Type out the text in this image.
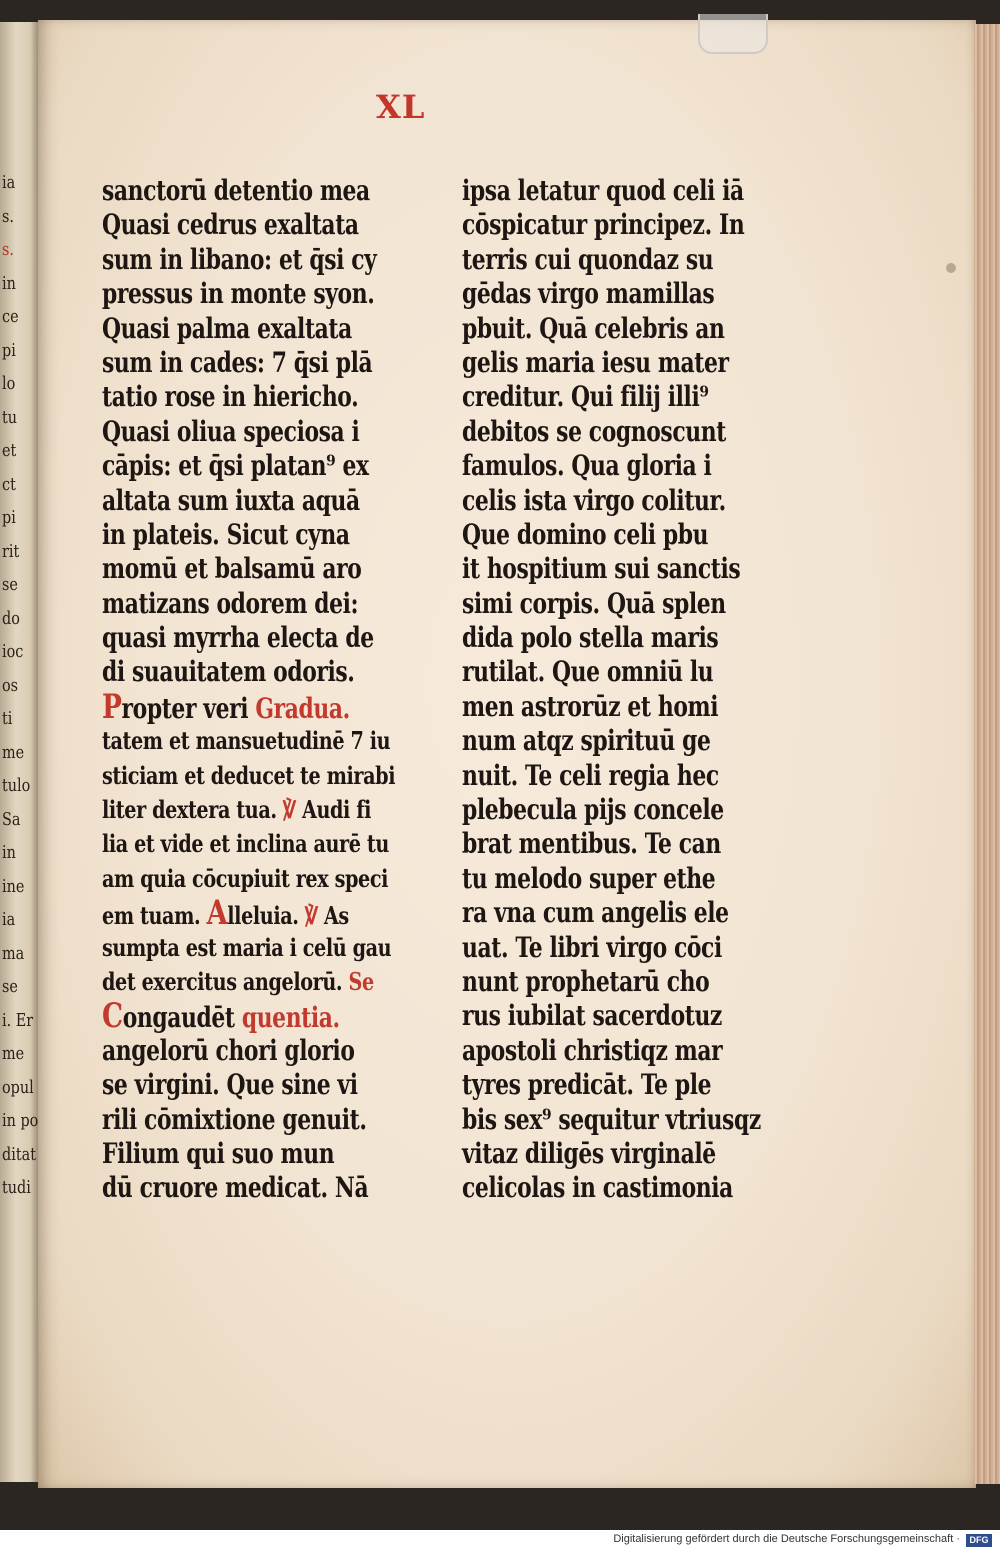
ia
s.
s.
in
ce
pi
lo
tu
et
ct
pi
rit
se
do
ioc
os
ti
me
tulo
Sa
in
ine
ia
ma
se
i. Er
me
opul
in po
ditat
tudi
XL
sanctorū detentio mea
Quasi cedrus exaltata
sum in libano: et q̄si cy
pressus in monte syon.
Quasi palma exaltata
sum in cades: 7 q̄si plā
tatio rose in hiericho.
Quasi oliua speciosa i
cāpis: et q̄si platan⁹ ex
altata sum iuxta aquā
in plateis. Sicut cyna
momū et balsamū aro
matizans odorem dei:
quasi myrrha electa de
di suauitatem odoris.
Propter veri Gradua.
tatem et mansuetudinē 7 iu
sticiam et deducet te mirabi
liter dextera tua. ℣ Audi fi
lia et vide et inclina aurē tu
am quia cōcupiuit rex speci
em tuam. Alleluia. ℣ As
sumpta est maria i celū gau
det exercitus angelorū. Se
Congaudēt quentia.
angelorū chori glorio
se virgini. Que sine vi
rili cōmixtione genuit.
Filium qui suo mun
dū cruore medicat. Nā
ipsa letatur quod celi iā
cōspicatur principez. In
terris cui quondaz su
gēdas virgo mamillas
pbuit. Quā celebris an
gelis maria iesu mater
creditur. Qui filij illi⁹
debitos se cognoscunt
famulos. Qua gloria i
celis ista virgo colitur.
Que domino celi pbu
it hospitium sui sanctis
simi corpis. Quā splen
dida polo stella maris
rutilat. Que omniū lu
men astrorūz et homi
num atqz spirituū ge
nuit. Te celi regia hec
plebecula pijs concele
brat mentibus. Te can
tu melodo super ethe
ra vna cum angelis ele
uat. Te libri virgo cōci
nunt prophetarū cho
rus iubilat sacerdotuz
apostoli christiqz mar
tyres predicāt. Te ple
bis sex⁹ sequitur vtriusqz
vitaz diligēs virginalē
celicolas in castimonia
Digitalisierung gefördert durch die Deutsche Forschungsgemeinschaft ·	DFG
